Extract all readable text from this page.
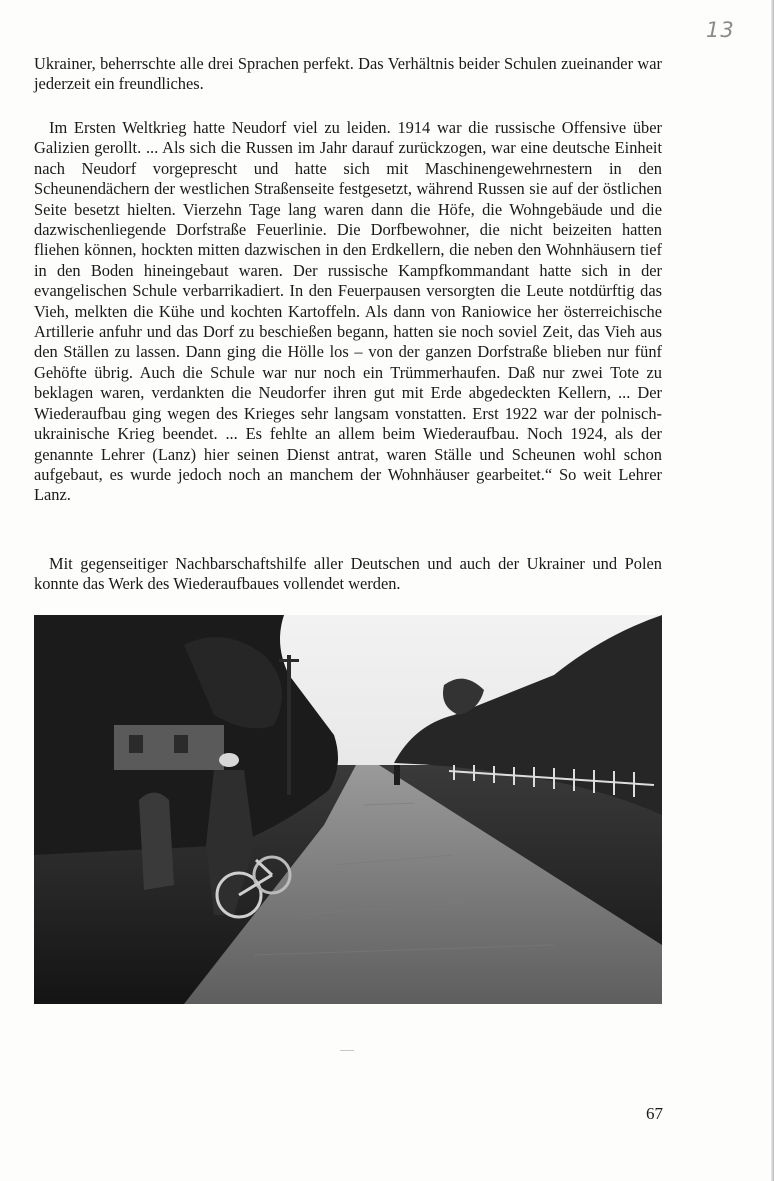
13

Ukrainer, beherrschte alle drei Sprachen perfekt. Das Verhältnis beider Schulen zueinander war jederzeit ein freundliches.

Im Ersten Weltkrieg hatte Neudorf viel zu leiden. 1914 war die russische Offensive über Galizien gerollt. ... Als sich die Russen im Jahr darauf zurückzogen, war eine deutsche Einheit nach Neudorf vorgeprescht und hatte sich mit Maschinengewehrnestern in den Scheunendächern der westlichen Straßenseite festgesetzt, während Russen sie auf der östlichen Seite besetzt hielten. Vierzehn Tage lang waren dann die Höfe, die Wohngebäude und die dazwischenliegende Dorfstraße Feuerlinie. Die Dorfbewohner, die nicht beizeiten hatten fliehen können, hockten mitten dazwischen in den Erdkellern, die neben den Wohnhäusern tief in den Boden hineingebaut waren. Der russische Kampfkommandant hatte sich in der evangelischen Schule verbarrikadiert. In den Feuerpausen versorgten die Leute notdürftig das Vieh, melkten die Kühe und kochten Kartoffeln. Als dann von Raniowice her österreichische Artillerie anfuhr und das Dorf zu beschießen begann, hatten sie noch soviel Zeit, das Vieh aus den Ställen zu lassen. Dann ging die Hölle los – von der ganzen Dorfstraße blieben nur fünf Gehöfte übrig. Auch die Schule war nur noch ein Trümmerhaufen. Daß nur zwei Tote zu beklagen waren, verdankten die Neudorfer ihren gut mit Erde abgedeckten Kellern, ... Der Wiederaufbau ging wegen des Krieges sehr langsam vonstatten. Erst 1922 war der polnisch-ukrainische Krieg beendet. ... Es fehlte an allem beim Wiederaufbau. Noch 1924, als der genannte Lehrer (Lanz) hier seinen Dienst antrat, waren Ställe und Scheunen wohl schon aufgebaut, es wurde jedoch noch an manchem der Wohnhäuser gearbeitet.“ So weit Lehrer Lanz.

Mit gegenseitiger Nachbarschaftshilfe aller Deutschen und auch der Ukrainer und Polen konnte das Werk des Wiederaufbaues vollendet werden.

67
